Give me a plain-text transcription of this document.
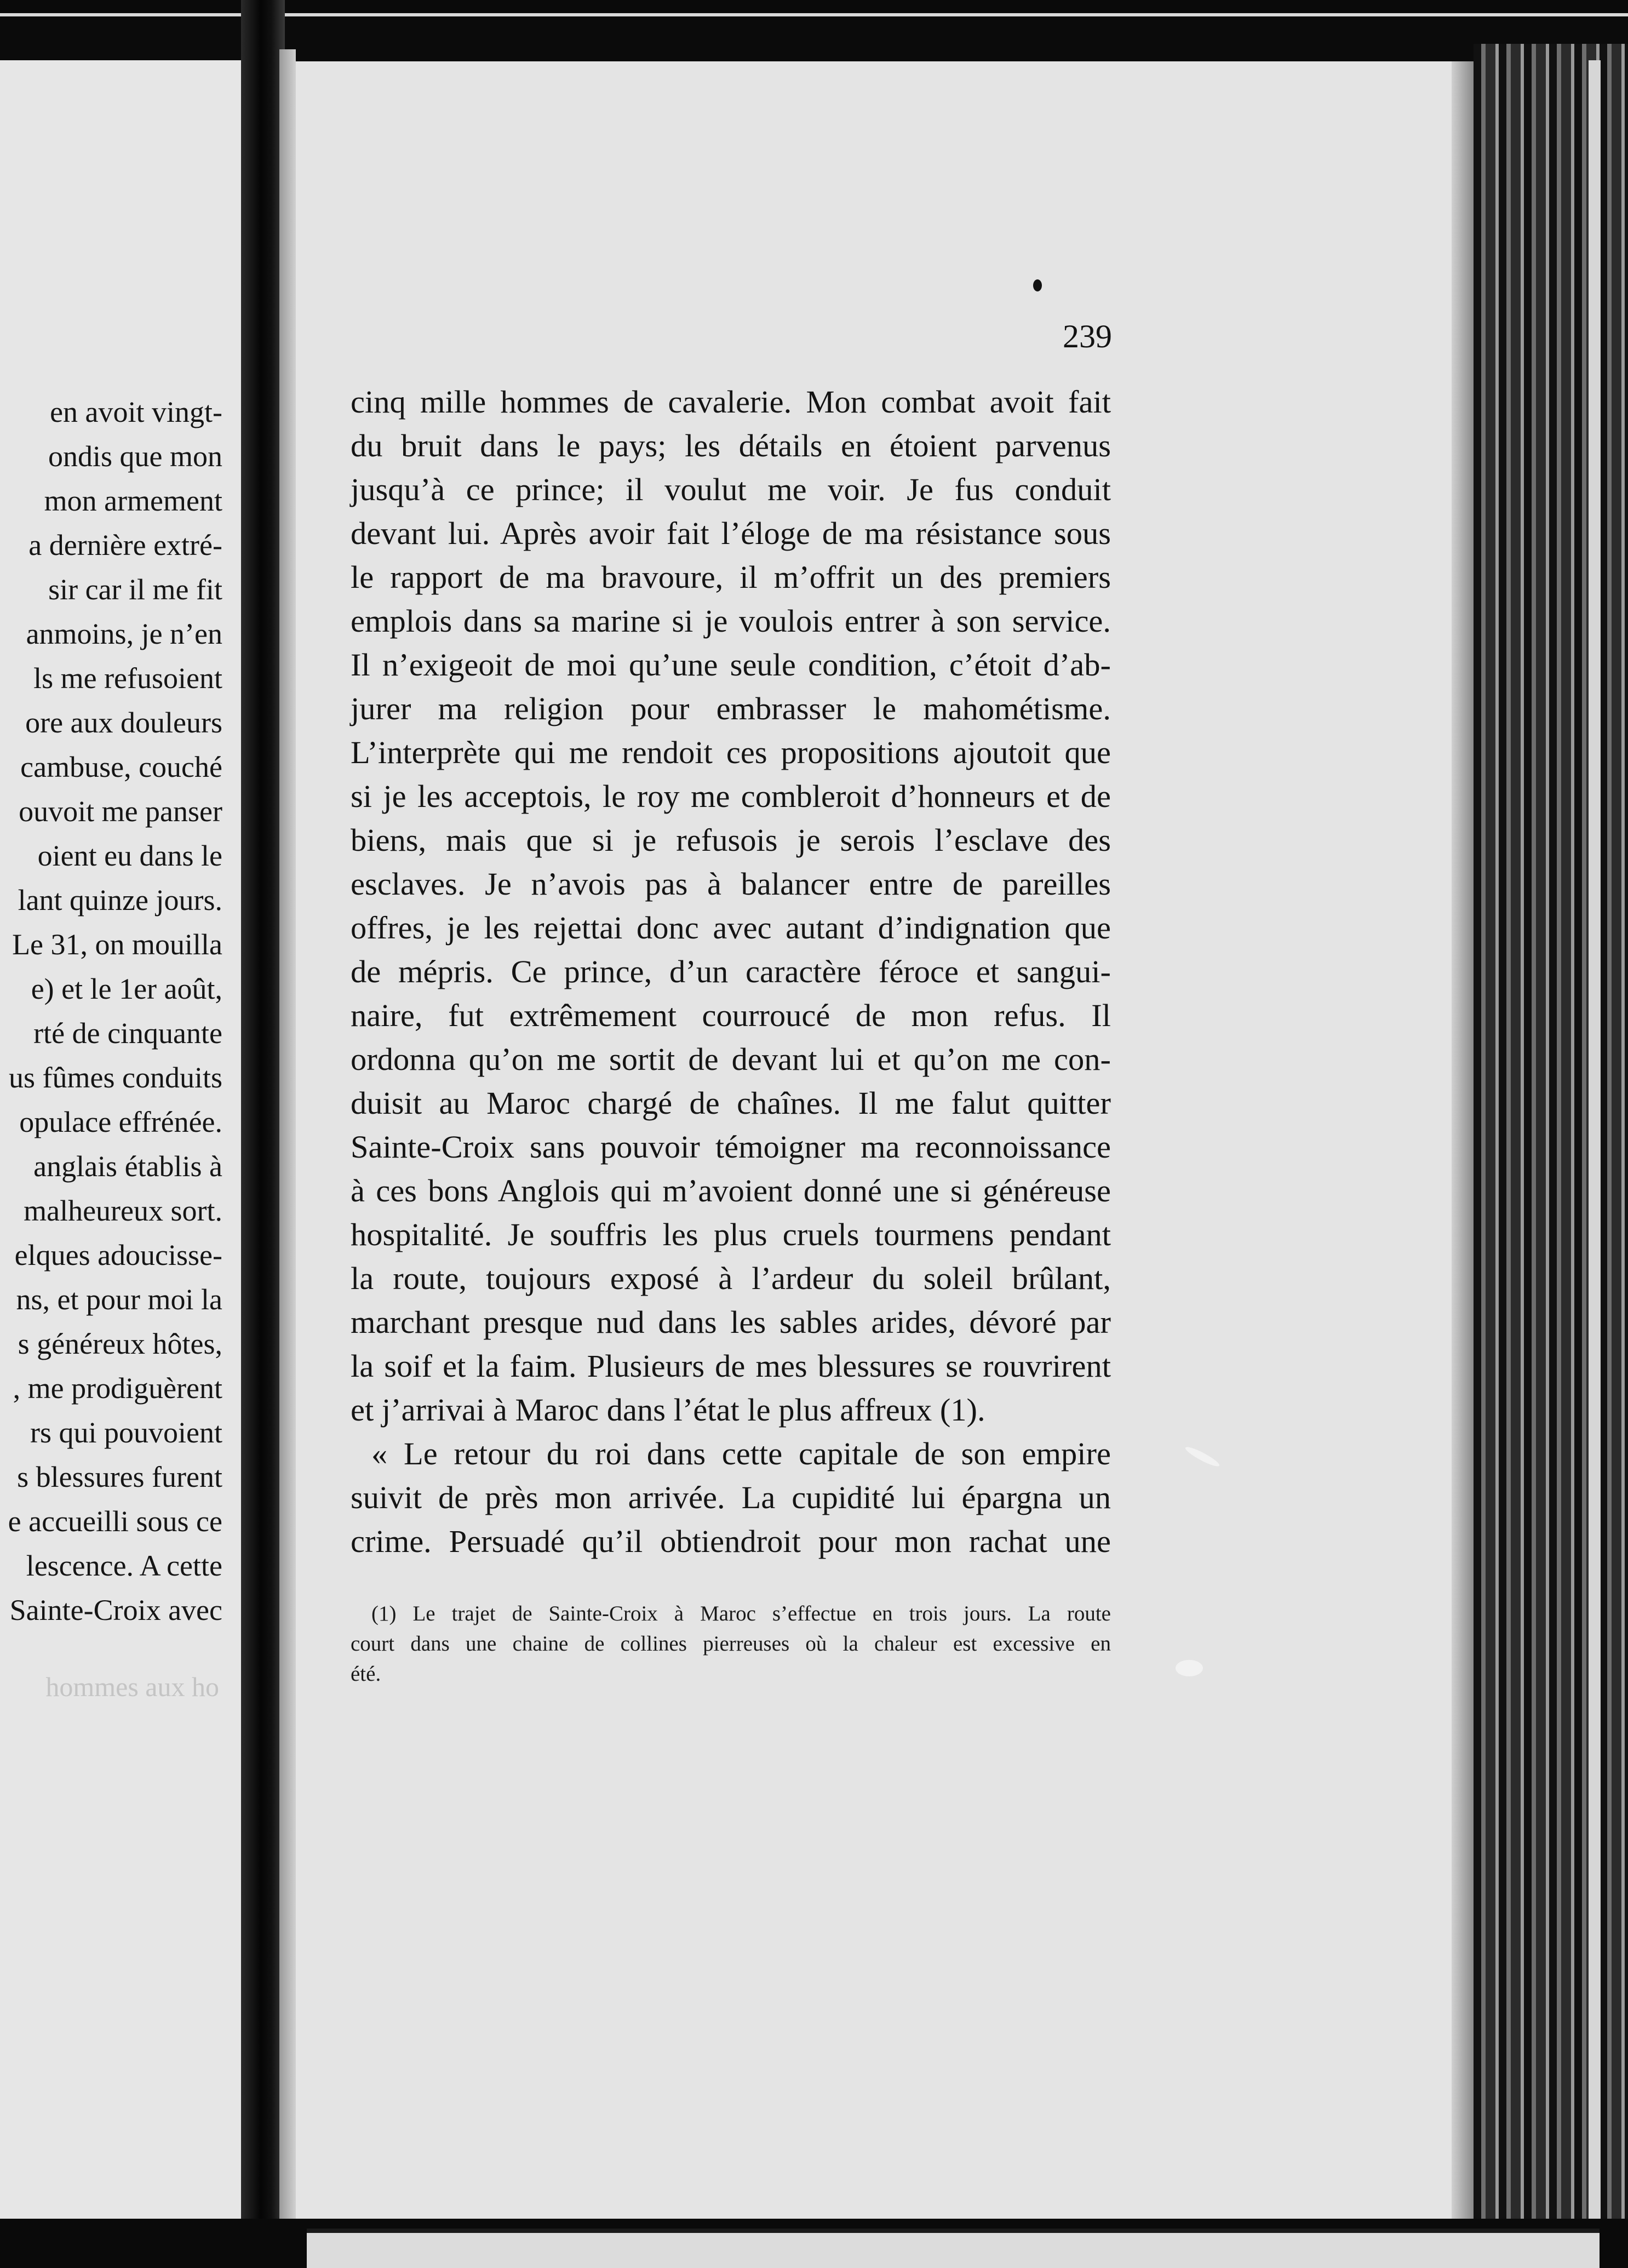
en avoit vingt-
ondis que mon
mon armement
a dernière extré-
sir car il me fit
anmoins, je n’en
ls me refusoient
ore aux douleurs
cambuse, couché
ouvoit me panser
oient eu dans le
lant quinze jours.
Le 31, on mouilla
e) et le 1er août,
rté de cinquante
us fûmes conduits
opulace effrénée.
anglais établis à
malheureux sort.
elques adoucisse-
ns, et pour moi la
s généreux hôtes,
, me prodiguèrent
rs qui pouvoient
s blessures furent
e accueilli sous ce
lescence. A cette
Sainte-Croix avec
hommes aux ho
239
cinq mille hommes de cavalerie. Mon combat avoit fait
du bruit dans le pays; les détails en étoient parvenus
jusqu’à ce prince; il voulut me voir. Je fus conduit
devant lui. Après avoir fait l’éloge de ma résistance sous
le rapport de ma bravoure, il m’offrit un des premiers
emplois dans sa marine si je voulois entrer à son service.
Il n’exigeoit de moi qu’une seule condition, c’étoit d’ab-
jurer ma religion pour embrasser le mahométisme.
L’interprète qui me rendoit ces propositions ajoutoit que
si je les acceptois, le roy me combleroit d’honneurs et de
biens, mais que si je refusois je serois l’esclave des
esclaves. Je n’avois pas à balancer entre de pareilles
offres, je les rejettai donc avec autant d’indignation que
de mépris. Ce prince, d’un caractère féroce et sangui-
naire, fut extrêmement courroucé de mon refus. Il
ordonna qu’on me sortit de devant lui et qu’on me con-
duisit au Maroc chargé de chaînes. Il me falut quitter
Sainte-Croix sans pouvoir témoigner ma reconnoissance
à ces bons Anglois qui m’avoient donné une si généreuse
hospitalité. Je souffris les plus cruels tourmens pendant
la route, toujours exposé à l’ardeur du soleil brûlant,
marchant presque nud dans les sables arides, dévoré par
la soif et la faim. Plusieurs de mes blessures se rouvrirent
et j’arrivai à Maroc dans l’état le plus affreux (1).
« Le retour du roi dans cette capitale de son empire
suivit de près mon arrivée. La cupidité lui épargna un
crime. Persuadé qu’il obtiendroit pour mon rachat une
(1) Le trajet de Sainte-Croix à Maroc s’effectue en trois jours. La route
court dans une chaine de collines pierreuses où la chaleur est excessive en
été.
